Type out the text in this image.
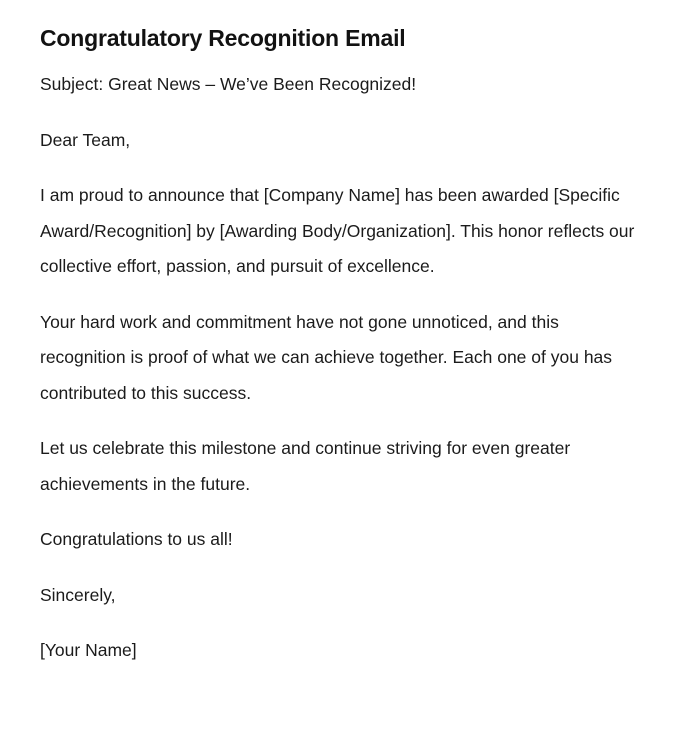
Congratulatory Recognition Email

Subject: Great News – We’ve Been Recognized!

Dear Team,

I am proud to announce that [Company Name] has been awarded [Specific Award/Recognition] by [Awarding Body/Organization]. This honor reflects our collective effort, passion, and pursuit of excellence.

Your hard work and commitment have not gone unnoticed, and this recognition is proof of what we can achieve together. Each one of you has contributed to this success.

Let us celebrate this milestone and continue striving for even greater achievements in the future.

Congratulations to us all!

Sincerely,

[Your Name]
